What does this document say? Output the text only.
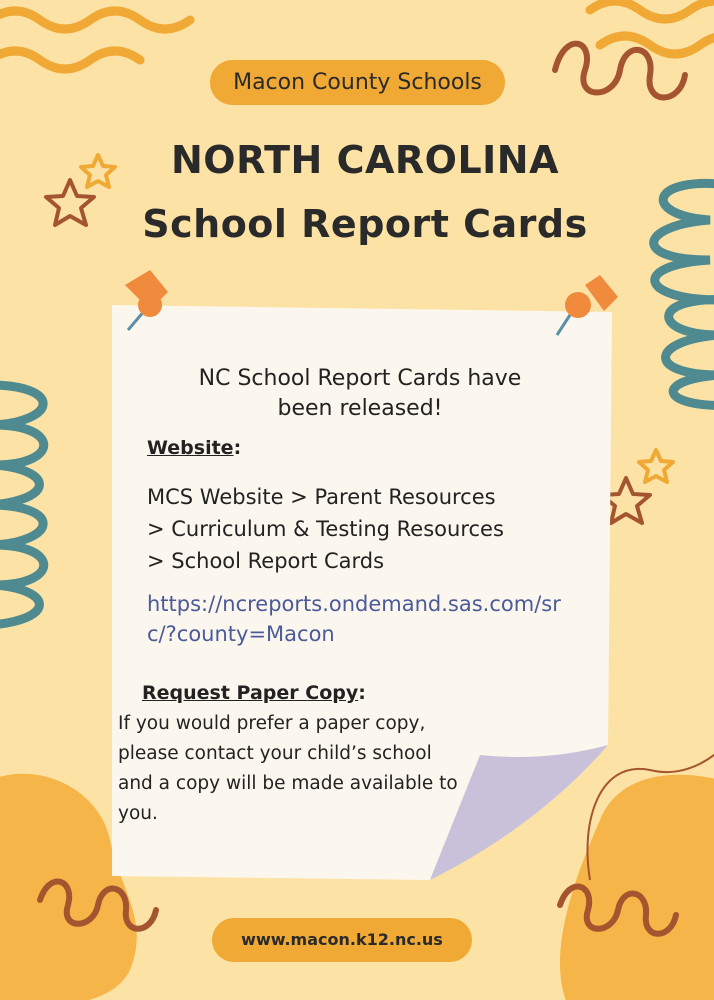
Macon County Schools
NORTH CAROLINA
School Report Cards
NC School Report Cards have
been released!
Website:
MCS Website > Parent Resources
> Curriculum & Testing Resources
> School Report Cards
https://ncreports.ondemand.sas.com/sr
c/?county=Macon
Request Paper Copy:
If you would prefer a paper copy,
please contact your child’s school
and a copy will be made available to
you.
www.macon.k12.nc.us
